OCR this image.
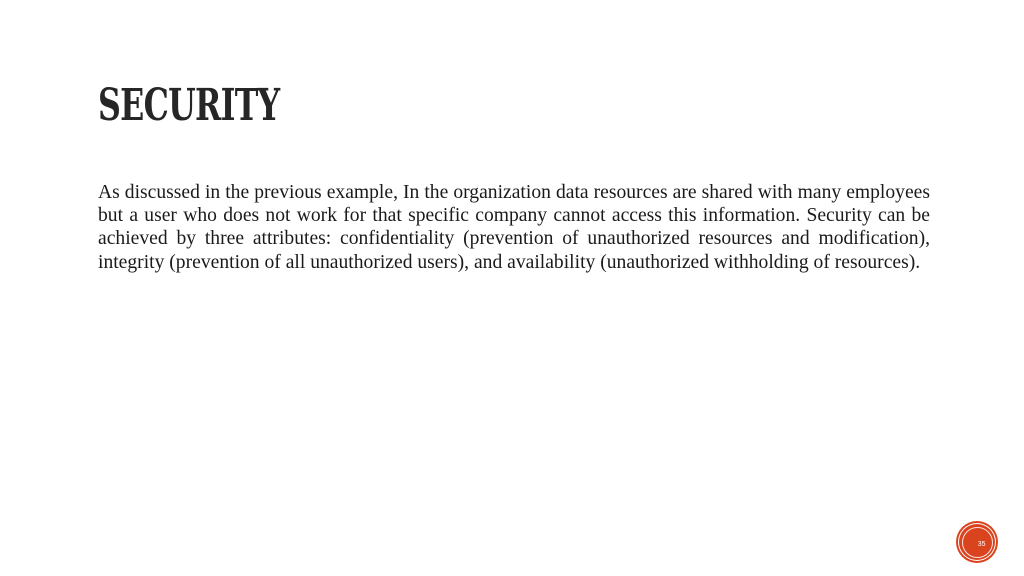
SECURITY

As discussed in the previous example, In the organization data resources are shared with many employees but a user who does not work for that specific company cannot access this information. Security can be achieved by three attributes: confidentiality (prevention of unauthorized resources and modification), integrity (prevention of all unauthorized users), and availability (unauthorized withholding of resources).

35
